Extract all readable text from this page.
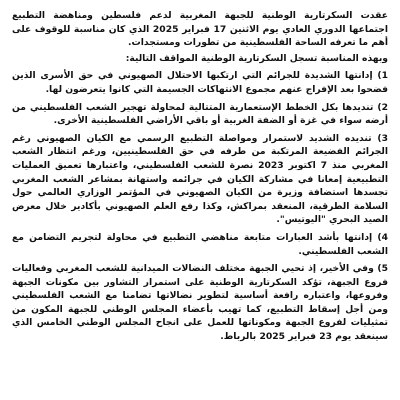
عقدت السكرتارية الوطنية للجبهة المغربية لدعم فلسطين ومناهضة التطبيع اجتماعها الدوري العادي يوم الاثنين 17 فبراير 2025 الذي كان مناسبة للوقوف على أهم ما تعرفه الساحة الفلسطينية من تطورات ومستجدات.

وبهذه المناسبة تسجل السكرتارية الوطنية المواقف التالية:

1) إدانتها الشديدة للجرائم التي ارتكبها الاحتلال الصهيوني في حق الأسرى الذين فضحوا بعد الإفراج عنهم مجموع الانتهاكات الجسيمة التي كانوا يتعرضون لها.

2) تنديدها بكل الخطط الإستعمارية المتتالية لمحاولة تهجير الشعب الفلسطيني من أرضه سواء في غزة أو الضفة الغربية أو باقي الأراضي الفلسطينية الأخرى.

3) تنديده الشديد لاستمرار ومواصلة التطبيع الرسمي مع الكيان الصهيوني رغم الجرائم الفضيعة المرتكبة من طرفه في حق الفلسطينيين، ورغم انتظار الشعب المغربي منذ 7 اكتوبر 2023 نصرة للشعب الفلسطيني، واعتبارها تعميق العمليات التطبيعية إمعانا في مشاركة الكيان في جرائمه واستهانة بمشاعر الشعب المغربي تجسدها استضافة وزيرة من الكيان الصهيوني في المؤتمر الوزاري العالمي حول السلامة الطرقية، المنعقد بمراكش، وكذا رفع العلم الصهيوني بأكادير خلال معرض الصيد البحري "اليوتيس".

4) إدانتها بأشد العبارات متابعة مناهضي التطبيع في محاولة لتجريم التضامن مع الشعب الفلسطيني.

5) وفي الأخير، إذ تحيي الجبهة مختلف النضالات الميدانية للشعب المغربي وفعاليات فروع الجبهة، تؤكد السكرتارية الوطنية على استمرار التشاور بين مكونات الجبهة وفروعها، واعتباره رافعة أساسية لتطوير نضالاتها تضامنا مع الشعب الفلسطيني ومن أجل إسقاط التطبيع، كما تهيب بأعضاء المجلس الوطني للجبهة المكون من تمثيليات لفروع الجبهة ومكوناتها للعمل على انجاح المجلس الوطني الخامس الذي سينعقد يوم 23 فبراير 2025 بالرباط.
